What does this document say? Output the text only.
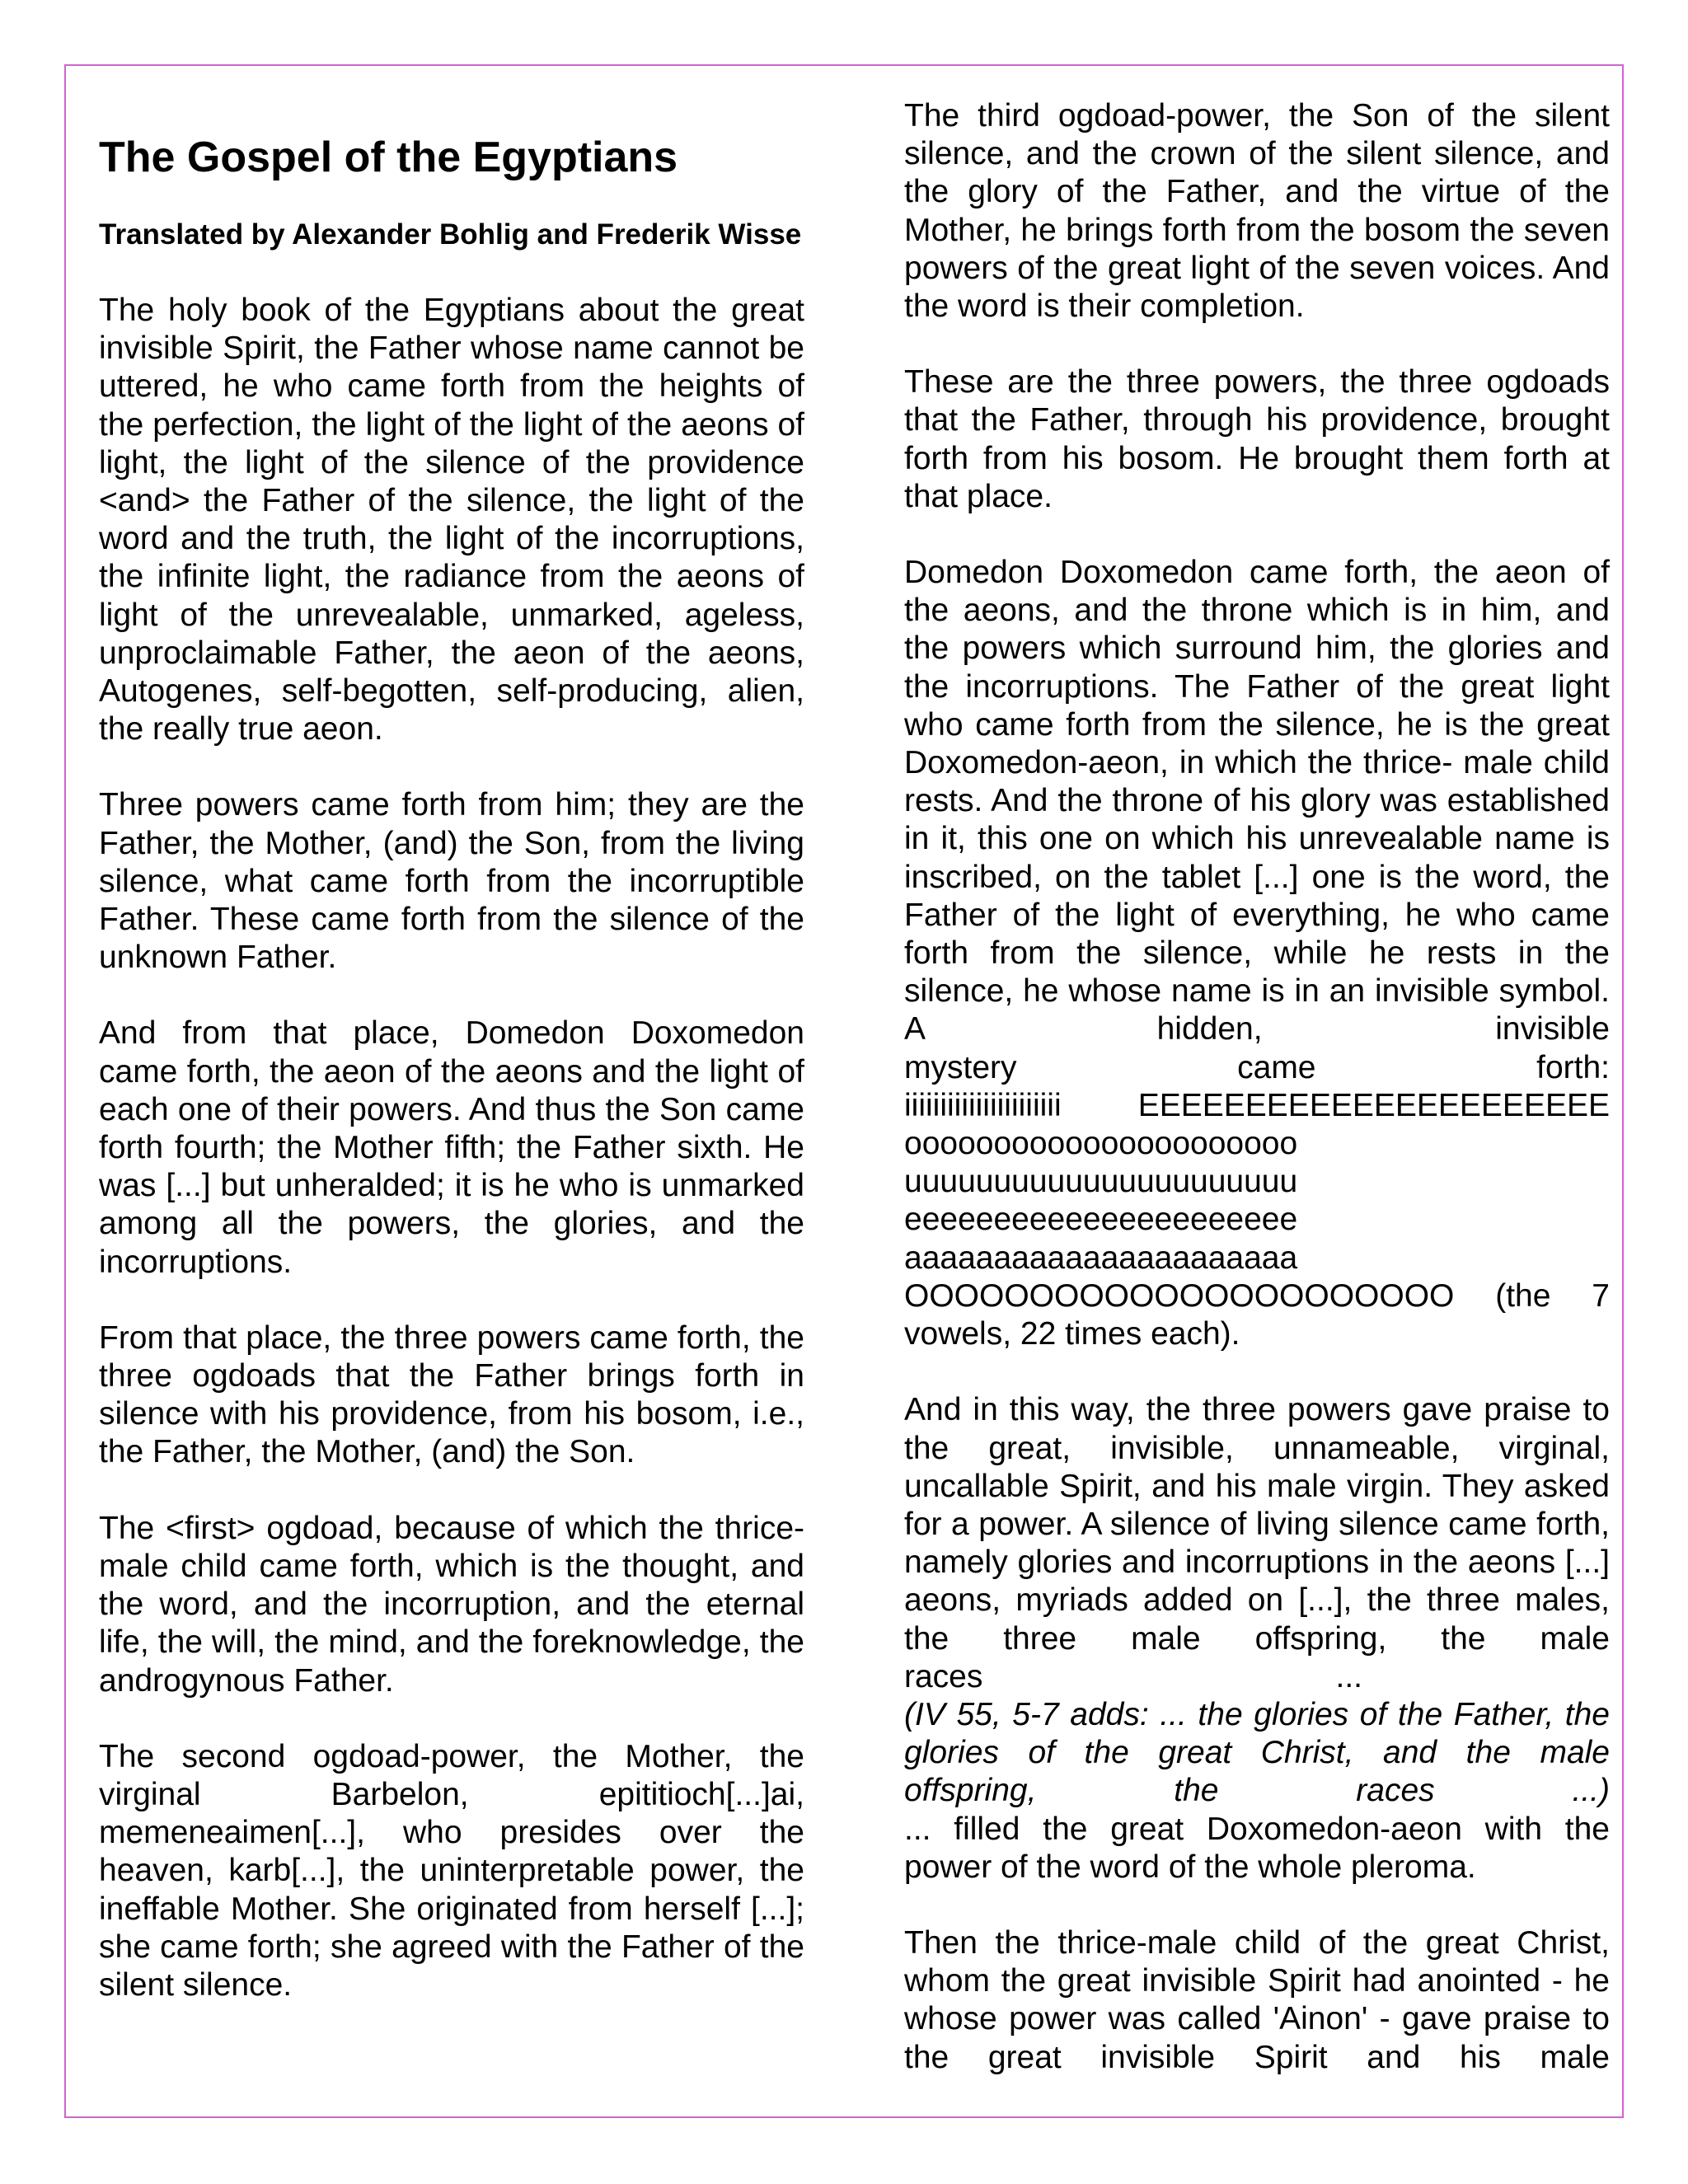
The Gospel of the Egyptians
Translated by Alexander Bohlig and Frederik Wisse

The holy book of the Egyptians about the great invisible Spirit, the Father whose name cannot be uttered, he who came forth from the heights of the perfection, the light of the light of the aeons of light, the light of the silence of the providence <and> the Father of the silence, the light of the word and the truth, the light of the incorruptions, the infinite light, the radiance from the aeons of light of the unrevealable, unmarked, ageless, unproclaimable Father, the aeon of the aeons, Autogenes, self-begotten, self-producing, alien, the really true aeon.

Three powers came forth from him; they are the Father, the Mother, (and) the Son, from the living silence, what came forth from the incorruptible Father. These came forth from the silence of the unknown Father.

And from that place, Domedon Doxomedon came forth, the aeon of the aeons and the light of each one of their powers. And thus the Son came forth fourth; the Mother fifth; the Father sixth. He was [...] but unheralded; it is he who is unmarked among all the powers, the glories, and the incorruptions.

From that place, the three powers came forth, the three ogdoads that the Father brings forth in silence with his providence, from his bosom, i.e., the Father, the Mother, (and) the Son.

The <first> ogdoad, because of which the thrice-male child came forth, which is the thought, and the word, and the incorruption, and the eternal life, the will, the mind, and the foreknowledge, the androgynous Father.

The second ogdoad-power, the Mother, the virginal Barbelon, epititioch[...]ai, memeneaimen[...], who presides over the heaven, karb[...], the uninterpretable power, the ineffable Mother. She originated from herself [...]; she came forth; she agreed with the Father of the silent silence.

The third ogdoad-power, the Son of the silent silence, and the crown of the silent silence, and the glory of the Father, and the virtue of the Mother, he brings forth from the bosom the seven powers of the great light of the seven voices. And the word is their completion.

These are the three powers, the three ogdoads that the Father, through his providence, brought forth from his bosom. He brought them forth at that place.

Domedon Doxomedon came forth, the aeon of the aeons, and the throne which is in him, and the powers which surround him, the glories and the incorruptions. The Father of the great light who came forth from the silence, he is the great Doxomedon-aeon, in which the thrice- male child rests. And the throne of his glory was established in it, this one on which his unrevealable name is inscribed, on the tablet [...] one is the word, the Father of the light of everything, he who came forth from the silence, while he rests in the silence, he whose name is in an invisible symbol. A hidden, invisible
mystery	came	forth:
iiiiiiiiiiiiiiiiiiiiii EEEEEEEEEEEEEEEEEEEEEE
oooooooooooooooooooooo
uuuuuuuuuuuuuuuuuuuuuu
eeeeeeeeeeeeeeeeeeeeee
aaaaaaaaaaaaaaaaaaaaaa
OOOOOOOOOOOOOOOOOOOOOO (the 7
vowels, 22 times each).
And in this way, the three powers gave praise to the great, invisible, unnameable, virginal, uncallable Spirit, and his male virgin. They asked for a power. A silence of living silence came forth, namely glories and incorruptions in the aeons [...] aeons, myriads added on [...], the three males, the three male offspring, the male
races	...
(IV 55, 5-7 adds: ... the glories of the Father, the glories of the great Christ, and the male
offspring,	the	races	...)
... filled the great Doxomedon-aeon with the power of the word of the whole pleroma.

Then the thrice-male child of the great Christ, whom the great invisible Spirit had anointed - he whose power was called 'Ainon' - gave praise to the great invisible Spirit and his male
